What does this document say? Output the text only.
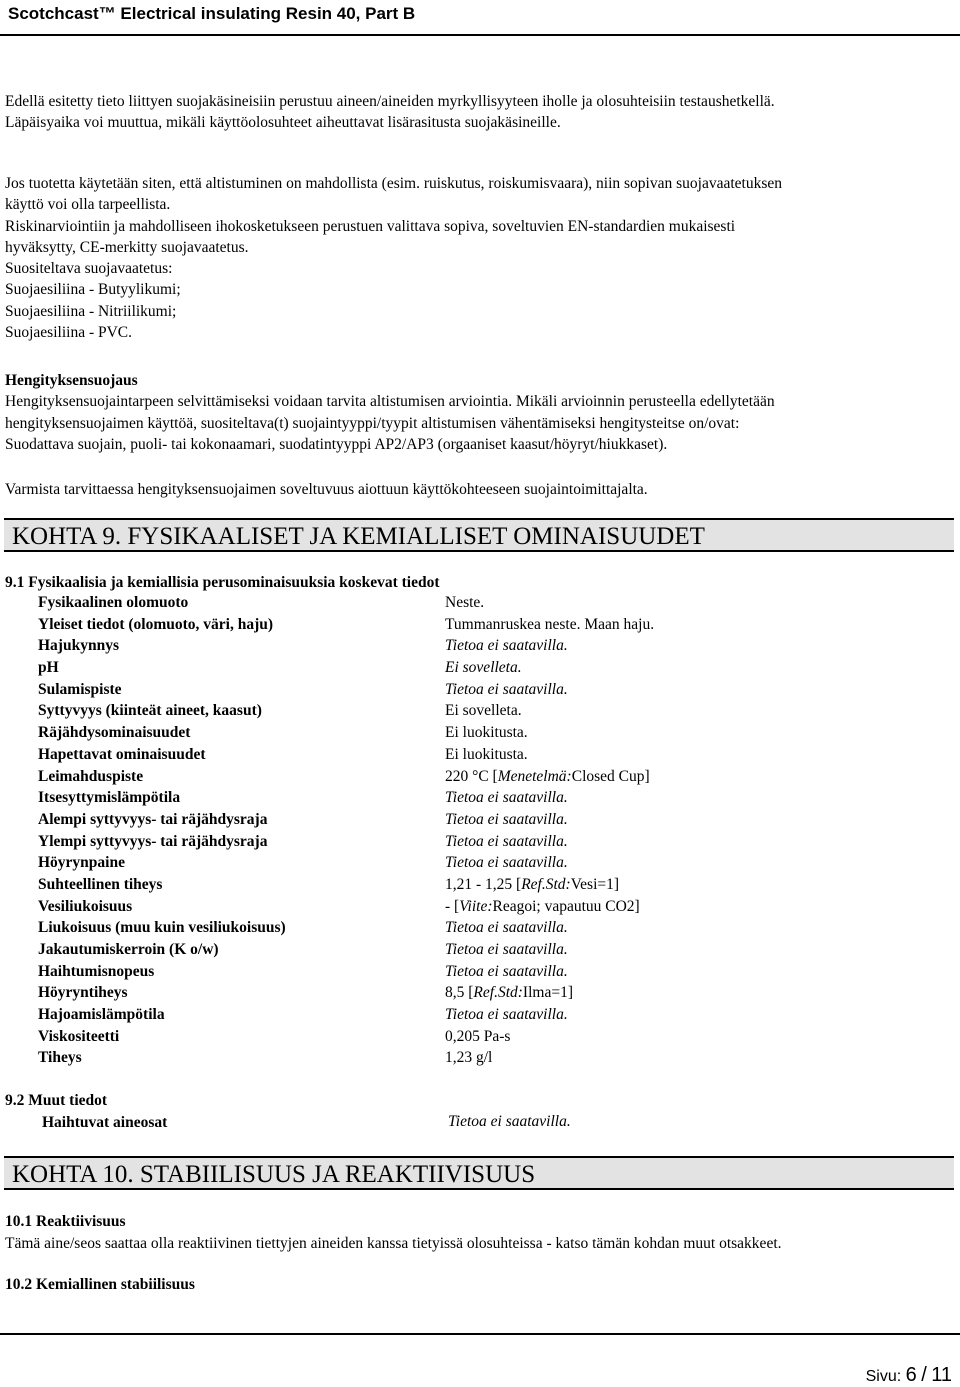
Scotchcast™ Electrical insulating Resin 40, Part B

Edellä esitetty tieto liittyen suojakäsineisiin perustuu aineen/aineiden myrkyllisyyteen iholle ja olosuhteisiin testaushetkellä.

Läpäisyaika voi muuttua, mikäli käyttöolosuhteet aiheuttavat lisärasitusta suojakäsineille.

Jos tuotetta käytetään siten, että altistuminen on mahdollista (esim. ruiskutus, roiskumisvaara), niin sopivan suojavaatetuksen

käyttö voi olla tarpeellista.

Riskinarviointiin ja mahdolliseen ihokosketukseen perustuen valittava sopiva, soveltuvien EN-standardien mukaisesti

hyväksytty, CE-merkitty suojavaatetus.

Suositeltava suojavaatetus:

Suojaesiliina - Butyylikumi;

Suojaesiliina - Nitriilikumi;

Suojaesiliina - PVC.

Hengityksensuojaus

Hengityksensuojaintarpeen selvittämiseksi voidaan tarvita altistumisen arviointia. Mikäli arvioinnin perusteella edellytetään

hengityksensuojaimen käyttöä, suositeltava(t) suojaintyyppi/tyypit altistumisen vähentämiseksi hengitysteitse on/ovat:

Suodattava suojain, puoli- tai kokonaamari, suodatintyyppi AP2/AP3 (orgaaniset kaasut/höyryt/hiukkaset).

Varmista tarvittaessa hengityksensuojaimen soveltuvuus aiottuun käyttökohteeseen suojaintoimittajalta.

KOHTA 9. FYSIKAALISET JA KEMIALLISET OMINAISUUDET
9.1 Fysikaalisia ja kemiallisia perusominaisuuksia koskevat tiedot
Fysikaalinen olomuoto	Neste.
Yleiset tiedot (olomuoto, väri, haju)	Tummanruskea neste. Maan haju.
Hajukynnys	Tietoa ei saatavilla.
pH	Ei sovelleta.
Sulamispiste	Tietoa ei saatavilla.
Syttyvyys (kiinteät aineet, kaasut)	Ei sovelleta.
Räjähdysominaisuudet	Ei luokitusta.
Hapettavat ominaisuudet	Ei luokitusta.
Leimahduspiste	220 °C [Menetelmä:Closed Cup]
Itsesyttymislämpötila	Tietoa ei saatavilla.
Alempi syttyvyys- tai räjähdysraja	Tietoa ei saatavilla.
Ylempi syttyvyys- tai räjähdysraja	Tietoa ei saatavilla.
Höyrynpaine	Tietoa ei saatavilla.
Suhteellinen tiheys	1,21 - 1,25 [Ref.Std:Vesi=1]
Vesiliukoisuus	- [Viite:Reagoi; vapautuu CO2]
Liukoisuus (muu kuin vesiliukoisuus)	Tietoa ei saatavilla.
Jakautumiskerroin (K o/w)	Tietoa ei saatavilla.
Haihtumisnopeus	Tietoa ei saatavilla.
Höyryntiheys	8,5 [Ref.Std:Ilma=1]
Hajoamislämpötila	Tietoa ei saatavilla.
Viskositeetti	0,205 Pa-s
Tiheys	1,23 g/l
9.2 Muut tiedot
Haihtuvat aineosat	Tietoa ei saatavilla.
KOHTA 10. STABIILISUUS JA REAKTIIVISUUS
10.1 Reaktiivisuus
Tämä aine/seos saattaa olla reaktiivinen tiettyjen aineiden kanssa tietyissä olosuhteissa - katso tämän kohdan muut otsakkeet.
10.2 Kemiallinen stabiilisuus
Sivu: 6 / 11
